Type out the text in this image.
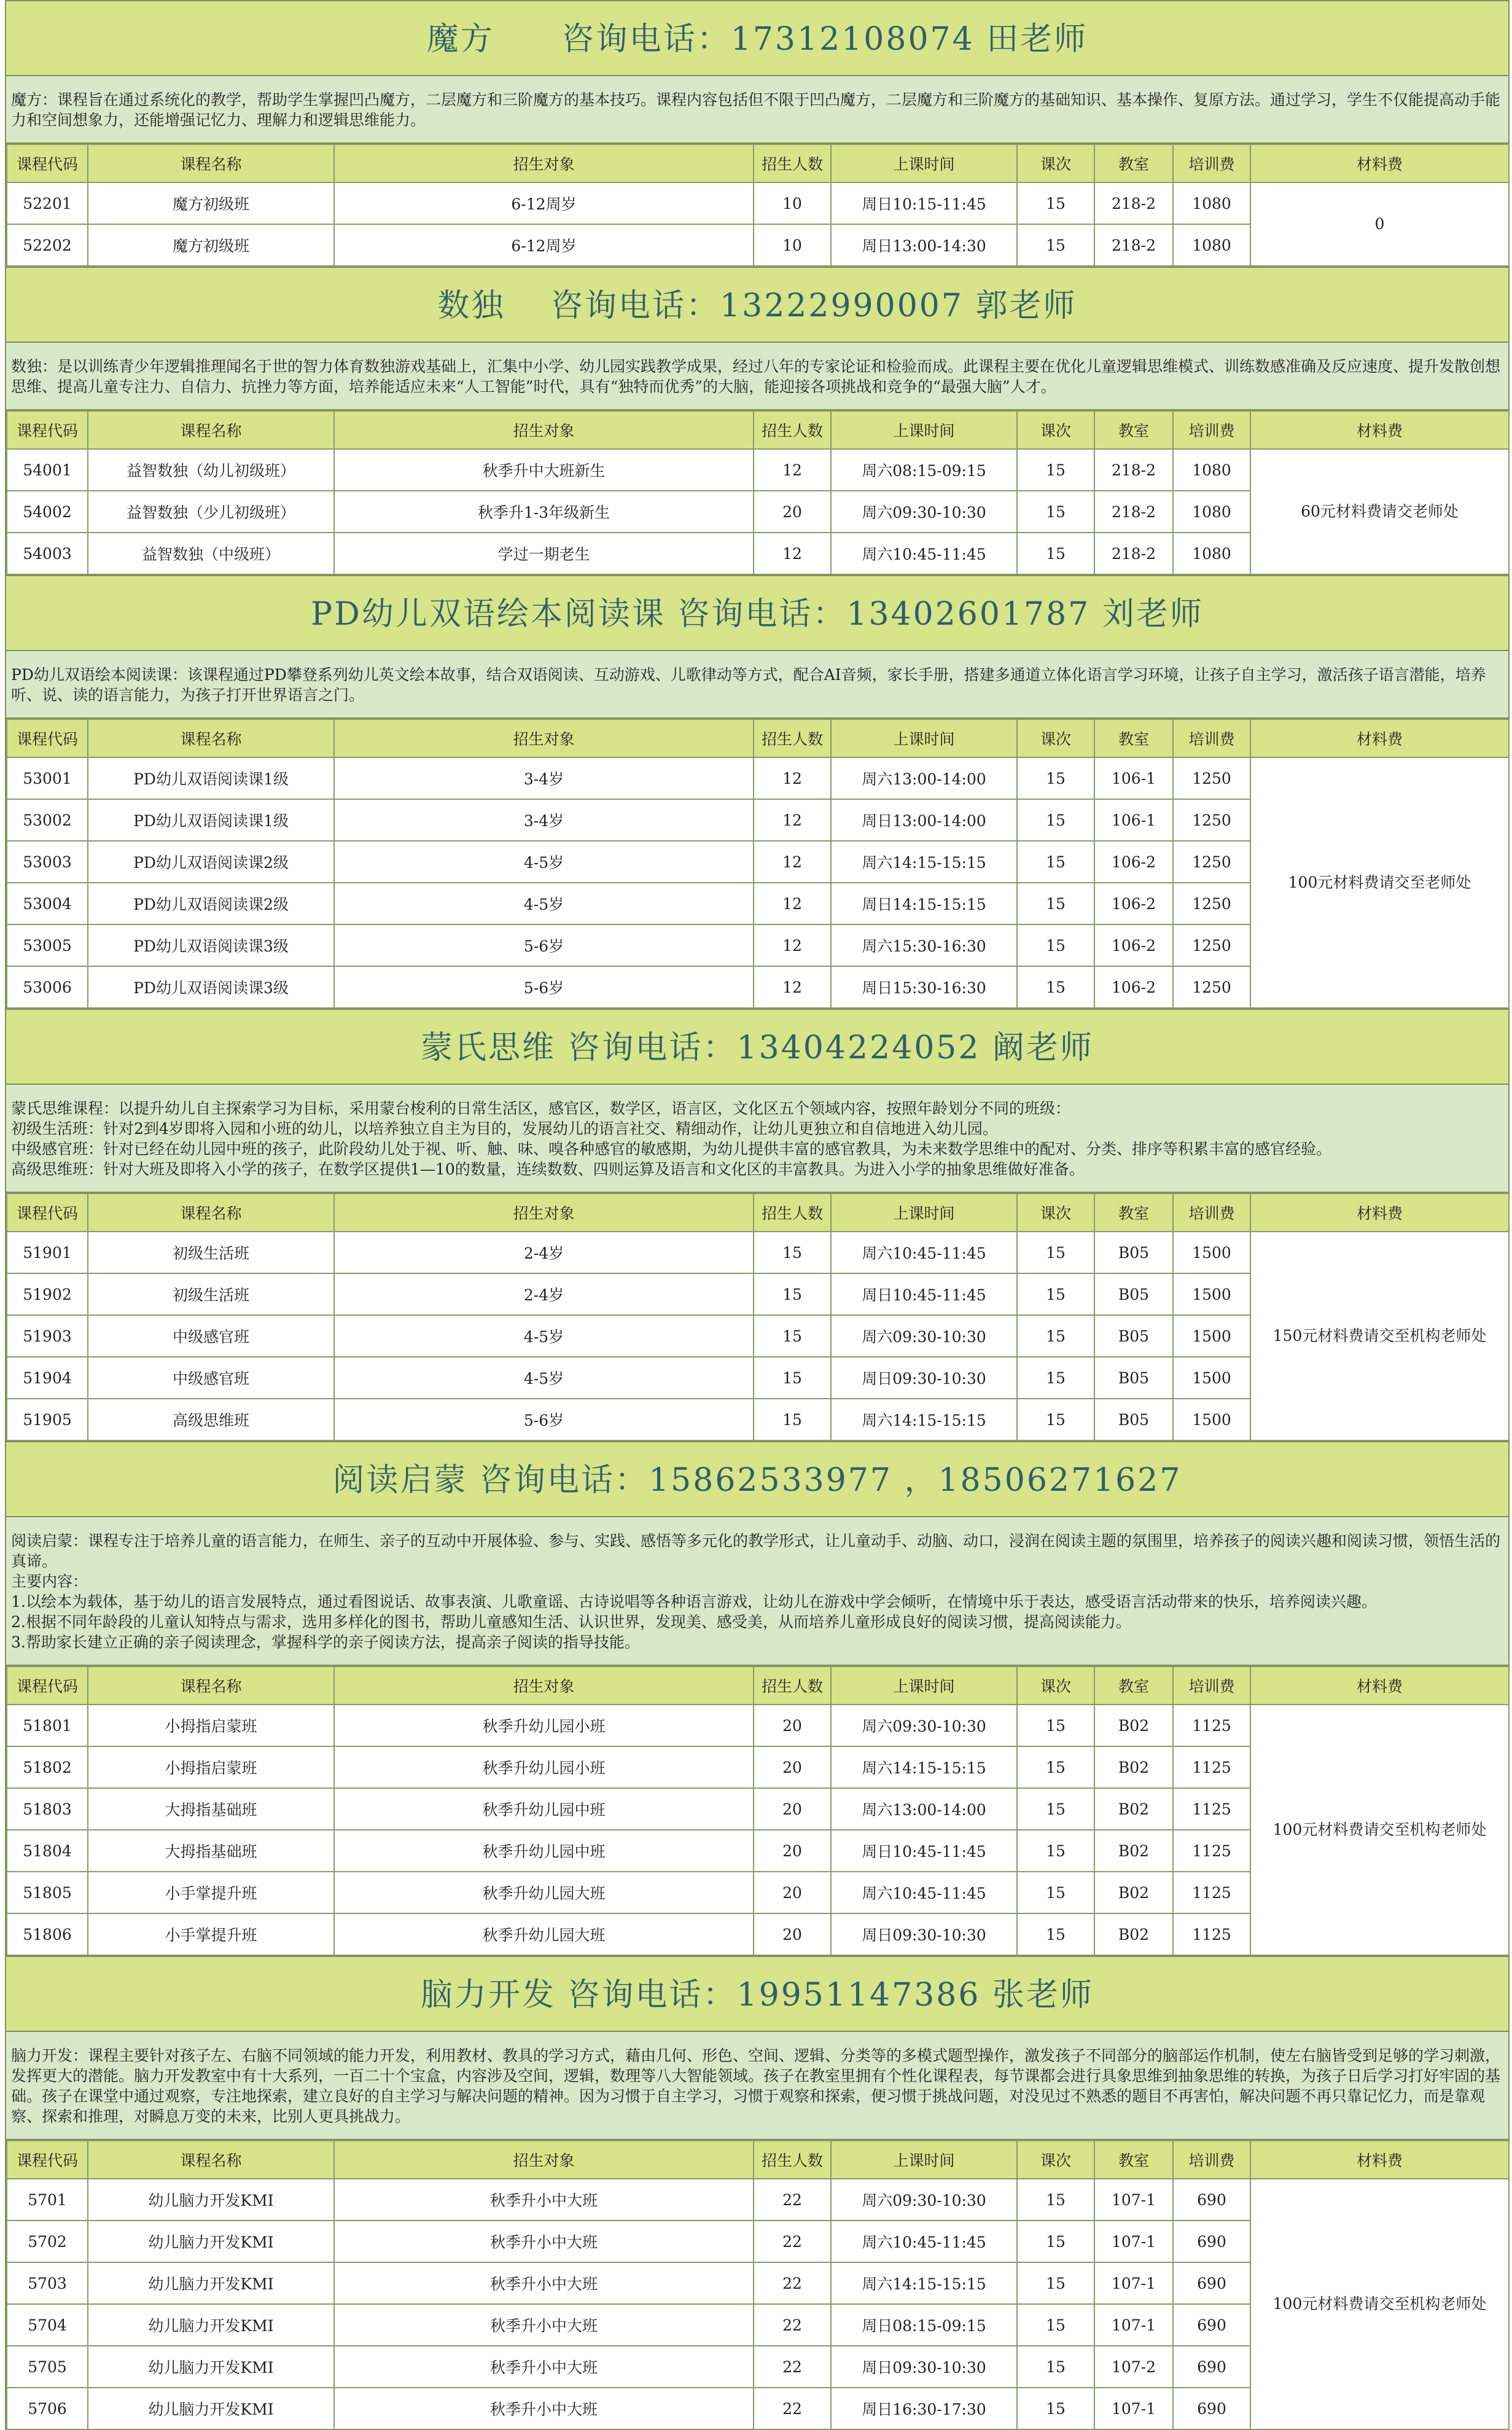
魔方　　咨询电话：17312108074 田老师

魔方：课程旨在通过系统化的教学，帮助学生掌握凹凸魔方，二层魔方和三阶魔方的基本技巧。课程内容包括但不限于凹凸魔方，二层魔方和三阶魔方的基础知识、基本操作、复原方法。通过学习，学生不仅能提高动手能力和空间想象力，还能增强记忆力、理解力和逻辑思维能力。

课程代码	课程名称	招生对象	招生人数	上课时间	课次	教室	培训费	材料费
52201	魔方初级班	6-12周岁	10	周日10:15-11:45	15	218-2	1080	0
52202	魔方初级班	6-12周岁	10	周日13:00-14:30	15	218-2	1080	
数独　 咨询电话：13222990007 郭老师

数独：是以训练青少年逻辑推理闻名于世的智力体育数独游戏基础上，汇集中小学、幼儿园实践教学成果，经过八年的专家论证和检验而成。此课程主要在优化儿童逻辑思维模式、训练数感准确及反应速度、提升发散创想思维、提高儿童专注力、自信力、抗挫力等方面，培养能适应未来“人工智能”时代，具有“独特而优秀”的大脑，能迎接各项挑战和竞争的“最强大脑”人才。

课程代码	课程名称	招生对象	招生人数	上课时间	课次	教室	培训费	材料费
54001	益智数独（幼儿初级班）	秋季升中大班新生	12	周六08:15-09:15	15	218-2	1080	60元材料费请交老师处
54002	益智数独（少儿初级班）	秋季升1-3年级新生	20	周六09:30-10:30	15	218-2	1080	
54003	益智数独（中级班）	学过一期老生	12	周六10:45-11:45	15	218-2	1080	
PD幼儿双语绘本阅读课 咨询电话：13402601787 刘老师

PD幼儿双语绘本阅读课：该课程通过PD攀登系列幼儿英文绘本故事，结合双语阅读、互动游戏、儿歌律动等方式，配合AI音频，家长手册，搭建多通道立体化语言学习环境，让孩子自主学习，激活孩子语言潜能，培养听、说、读的语言能力，为孩子打开世界语言之门。

课程代码	课程名称	招生对象	招生人数	上课时间	课次	教室	培训费	材料费
53001	PD幼儿双语阅读课1级	3-4岁	12	周六13:00-14:00	15	106-1	1250	100元材料费请交至老师处
53002	PD幼儿双语阅读课1级	3-4岁	12	周日13:00-14:00	15	106-1	1250	
53003	PD幼儿双语阅读课2级	4-5岁	12	周六14:15-15:15	15	106-2	1250	
53004	PD幼儿双语阅读课2级	4-5岁	12	周日14:15-15:15	15	106-2	1250	
53005	PD幼儿双语阅读课3级	5-6岁	12	周六15:30-16:30	15	106-2	1250	
53006	PD幼儿双语阅读课3级	5-6岁	12	周日15:30-16:30	15	106-2	1250	
蒙氏思维 咨询电话：13404224052 阚老师

蒙氏思维课程：以提升幼儿自主探索学习为目标，采用蒙台梭利的日常生活区，感官区，数学区，语言区，文化区五个领域内容，按照年龄划分不同的班级：

初级生活班：针对2到4岁即将入园和小班的幼儿，以培养独立自主为目的，发展幼儿的语言社交、精细动作，让幼儿更独立和自信地进入幼儿园。

中级感官班：针对已经在幼儿园中班的孩子，此阶段幼儿处于视、听、触、味、嗅各种感官的敏感期，为幼儿提供丰富的感官教具，为未来数学思维中的配对、分类、排序等积累丰富的感官经验。

高级思维班：针对大班及即将入小学的孩子，在数学区提供1—10的数量，连续数数、四则运算及语言和文化区的丰富教具。为进入小学的抽象思维做好准备。

课程代码	课程名称	招生对象	招生人数	上课时间	课次	教室	培训费	材料费
51901	初级生活班	2-4岁	15	周六10:45-11:45	15	B05	1500	150元材料费请交至机构老师处
51902	初级生活班	2-4岁	15	周日10:45-11:45	15	B05	1500	
51903	中级感官班	4-5岁	15	周六09:30-10:30	15	B05	1500	
51904	中级感官班	4-5岁	15	周日09:30-10:30	15	B05	1500	
51905	高级思维班	5-6岁	15	周六14:15-15:15	15	B05	1500	
阅读启蒙 咨询电话：15862533977 ，18506271627

阅读启蒙：课程专注于培养儿童的语言能力，在师生、亲子的互动中开展体验、参与、实践、感悟等多元化的教学形式，让儿童动手、动脑、动口，浸润在阅读主题的氛围里，培养孩子的阅读兴趣和阅读习惯，领悟生活的真谛。

主要内容：

1.以绘本为载体，基于幼儿的语言发展特点，通过看图说话、故事表演、儿歌童谣、古诗说唱等各种语言游戏，让幼儿在游戏中学会倾听，在情境中乐于表达，感受语言活动带来的快乐，培养阅读兴趣。

2.根据不同年龄段的儿童认知特点与需求，选用多样化的图书，帮助儿童感知生活、认识世界，发现美、感受美，从而培养儿童形成良好的阅读习惯，提高阅读能力。

3.帮助家长建立正确的亲子阅读理念，掌握科学的亲子阅读方法，提高亲子阅读的指导技能。

课程代码	课程名称	招生对象	招生人数	上课时间	课次	教室	培训费	材料费
51801	小拇指启蒙班	秋季升幼儿园小班	20	周六09:30-10:30	15	B02	1125	100元材料费请交至机构老师处
51802	小拇指启蒙班	秋季升幼儿园小班	20	周六14:15-15:15	15	B02	1125	
51803	大拇指基础班	秋季升幼儿园中班	20	周六13:00-14:00	15	B02	1125	
51804	大拇指基础班	秋季升幼儿园中班	20	周日10:45-11:45	15	B02	1125	
51805	小手掌提升班	秋季升幼儿园大班	20	周六10:45-11:45	15	B02	1125	
51806	小手掌提升班	秋季升幼儿园大班	20	周日09:30-10:30	15	B02	1125	
脑力开发 咨询电话：19951147386 张老师

脑力开发：课程主要针对孩子左、右脑不同领域的能力开发，利用教材、教具的学习方式，藉由几何、形色、空间、逻辑、分类等的多模式题型操作，激发孩子不同部分的脑部运作机制，使左右脑皆受到足够的学习刺激，发挥更大的潜能。脑力开发教室中有十大系列，一百二十个宝盒，内容涉及空间，逻辑，数理等八大智能领域。孩子在教室里拥有个性化课程表，每节课都会进行具象思维到抽象思维的转换，为孩子日后学习打好牢固的基础。孩子在课堂中通过观察，专注地探索，建立良好的自主学习与解决问题的精神。因为习惯于自主学习，习惯于观察和探索，便习惯于挑战问题，对没见过不熟悉的题目不再害怕，解决问题不再只靠记忆力，而是靠观察、探索和推理，对瞬息万变的未来，比别人更具挑战力。

课程代码	课程名称	招生对象	招生人数	上课时间	课次	教室	培训费	材料费
5701	幼儿脑力开发KMI	秋季升小中大班	22	周六09:30-10:30	15	107-1	690	100元材料费请交至机构老师处
5702	幼儿脑力开发KMI	秋季升小中大班	22	周六10:45-11:45	15	107-1	690	
5703	幼儿脑力开发KMI	秋季升小中大班	22	周六14:15-15:15	15	107-1	690	
5704	幼儿脑力开发KMI	秋季升小中大班	22	周日08:15-09:15	15	107-1	690	
5705	幼儿脑力开发KMI	秋季升小中大班	22	周日09:30-10:30	15	107-2	690	
5706	幼儿脑力开发KMI	秋季升小中大班	22	周日16:30-17:30	15	107-1	690	
